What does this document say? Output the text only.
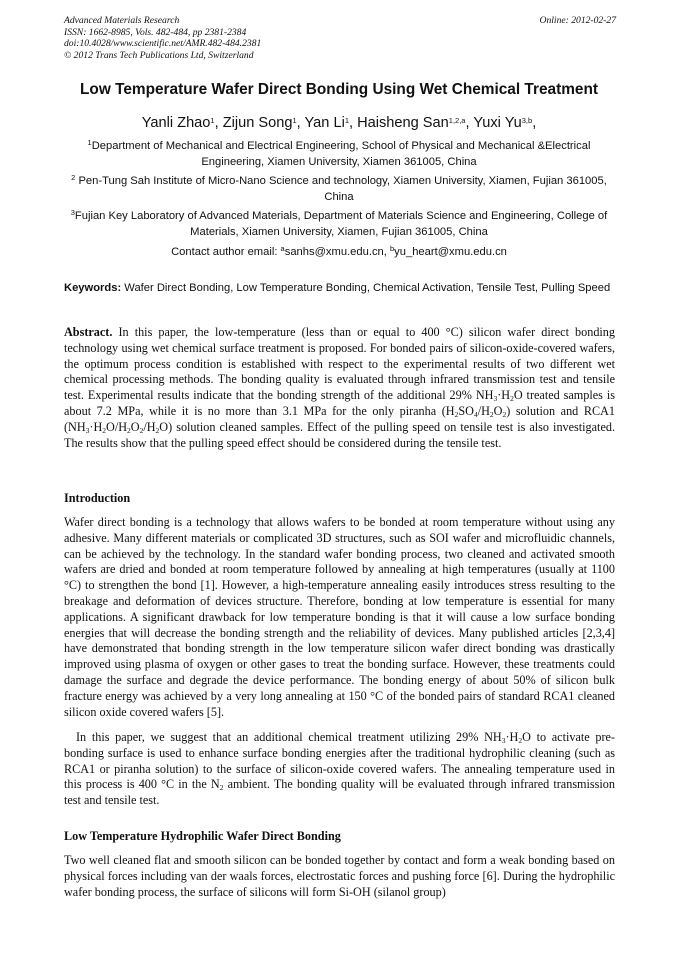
Advanced Materials Research
ISSN: 1662-8985, Vols. 482-484, pp 2381-2384
doi:10.4028/www.scientific.net/AMR.482-484.2381
© 2012 Trans Tech Publications Ltd, Switzerland
Online: 2012-02-27
Low Temperature Wafer Direct Bonding Using Wet Chemical Treatment
Yanli Zhao$^1$, Zijun Song$^1$, Yan Li$^1$, Haisheng San$^{1,2,a}$, Yuxi Yu$^{3,b}$,
$^1$Department of Mechanical and Electrical Engineering, School of Physical and Mechanical &Electrical Engineering, Xiamen University, Xiamen 361005, China
$^2$ Pen-Tung Sah Institute of Micro-Nano Science and technology, Xiamen University, Xiamen, Fujian 361005, China
$^3$Fujian Key Laboratory of Advanced Materials, Department of Materials Science and Engineering, College of Materials, Xiamen University, Xiamen, Fujian 361005, China
Contact author email: $^a$sanhs@xmu.edu.cn, $^b$yu_heart@xmu.edu.cn
Keywords: Wafer Direct Bonding, Low Temperature Bonding, Chemical Activation, Tensile Test, Pulling Speed
Abstract. In this paper, the low-temperature (less than or equal to 400 °C) silicon wafer direct bonding technology using wet chemical surface treatment is proposed. For bonded pairs of silicon-oxide-covered wafers, the optimum process condition is established with respect to the experimental results of two different wet chemical processing methods. The bonding quality is evaluated through infrared transmission test and tensile test. Experimental results indicate that the bonding strength of the additional 29% $NH_3\cdot H_2O$ treated samples is about 7.2 MPa, while it is no more than 3.1 MPa for the only piranha $(H_2SO_4/H_2O_2)$ solution and RCA1 $(NH_3\cdot H_2O/H_2O_2/H_2O)$ solution cleaned samples. Effect of the pulling speed on tensile test is also investigated. The results show that the pulling speed effect should be considered during the tensile test.
Introduction
Wafer direct bonding is a technology that allows wafers to be bonded at room temperature without using any adhesive. Many different materials or complicated 3D structures, such as SOI wafer and microfluidic channels, can be achieved by the technology. In the standard wafer bonding process, two cleaned and activated smooth wafers are dried and bonded at room temperature followed by annealing at high temperatures (usually at 1100 °C) to strengthen the bond [1]. However, a high-temperature annealing easily introduces stress resulting to the breakage and deformation of devices structure. Therefore, bonding at low temperature is essential for many applications. A significant drawback for low temperature bonding is that it will cause a low surface bonding energies that will decrease the bonding strength and the reliability of devices. Many published articles [2,3,4] have demonstrated that bonding strength in the low temperature silicon wafer direct bonding was drastically improved using plasma of oxygen or other gases to treat the bonding surface. However, these treatments could damage the surface and degrade the device performance. The bonding energy of about 50% of silicon bulk fracture energy was achieved by a very long annealing at 150 °C of the bonded pairs of standard RCA1 cleaned silicon oxide covered wafers [5].
In this paper, we suggest that an additional chemical treatment utilizing 29% $NH_3\cdot H_2O$ to activate pre-bonding surface is used to enhance surface bonding energies after the traditional hydrophilic cleaning (such as RCA1 or piranha solution) to the surface of silicon-oxide covered wafers. The annealing temperature used in this process is 400 °C in the $N_2$ ambient. The bonding quality will be evaluated through infrared transmission test and tensile test.
Low Temperature Hydrophilic Wafer Direct Bonding
Two well cleaned flat and smooth silicon can be bonded together by contact and form a weak bonding based on physical forces including van der waals forces, electrostatic forces and pushing force [6]. During the hydrophilic wafer bonding process, the surface of silicons will form Si-OH (silanol group)
